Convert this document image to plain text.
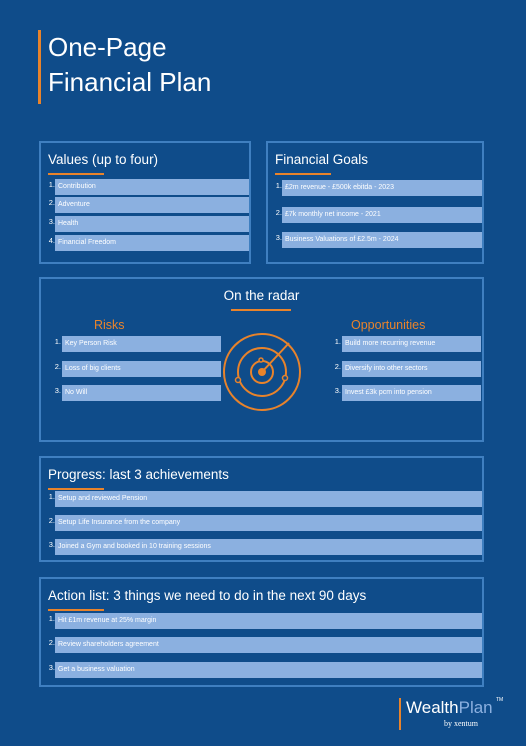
One-Page
Financial Plan
Values (up to four)
1. Contribution
2. Adventure
3. Health
4. Financial Freedom
Financial Goals
1. £2m revenue - £500k ebitda - 2023
2. £7k monthly net income - 2021
3. Business Valuations of £2.5m - 2024
On the radar
Risks
1. Key Person Risk
2. Loss of big clients
3. No Will
Opportunities
1. Build more recurring revenue
2. Diversify into other sectors
3. Invest £3k pcm into pension
Progress: last 3 achievements
1. Setup and reviewed Pension
2. Setup Life Insurance from the company
3. Joined a Gym and booked in 10 training sessions
Action list: 3 things we need to do in the next 90 days
1. Hit £1m revenue at 25% margin
2. Review shareholders agreement
3. Get a business valuation
WealthPlan TM
by xentum
